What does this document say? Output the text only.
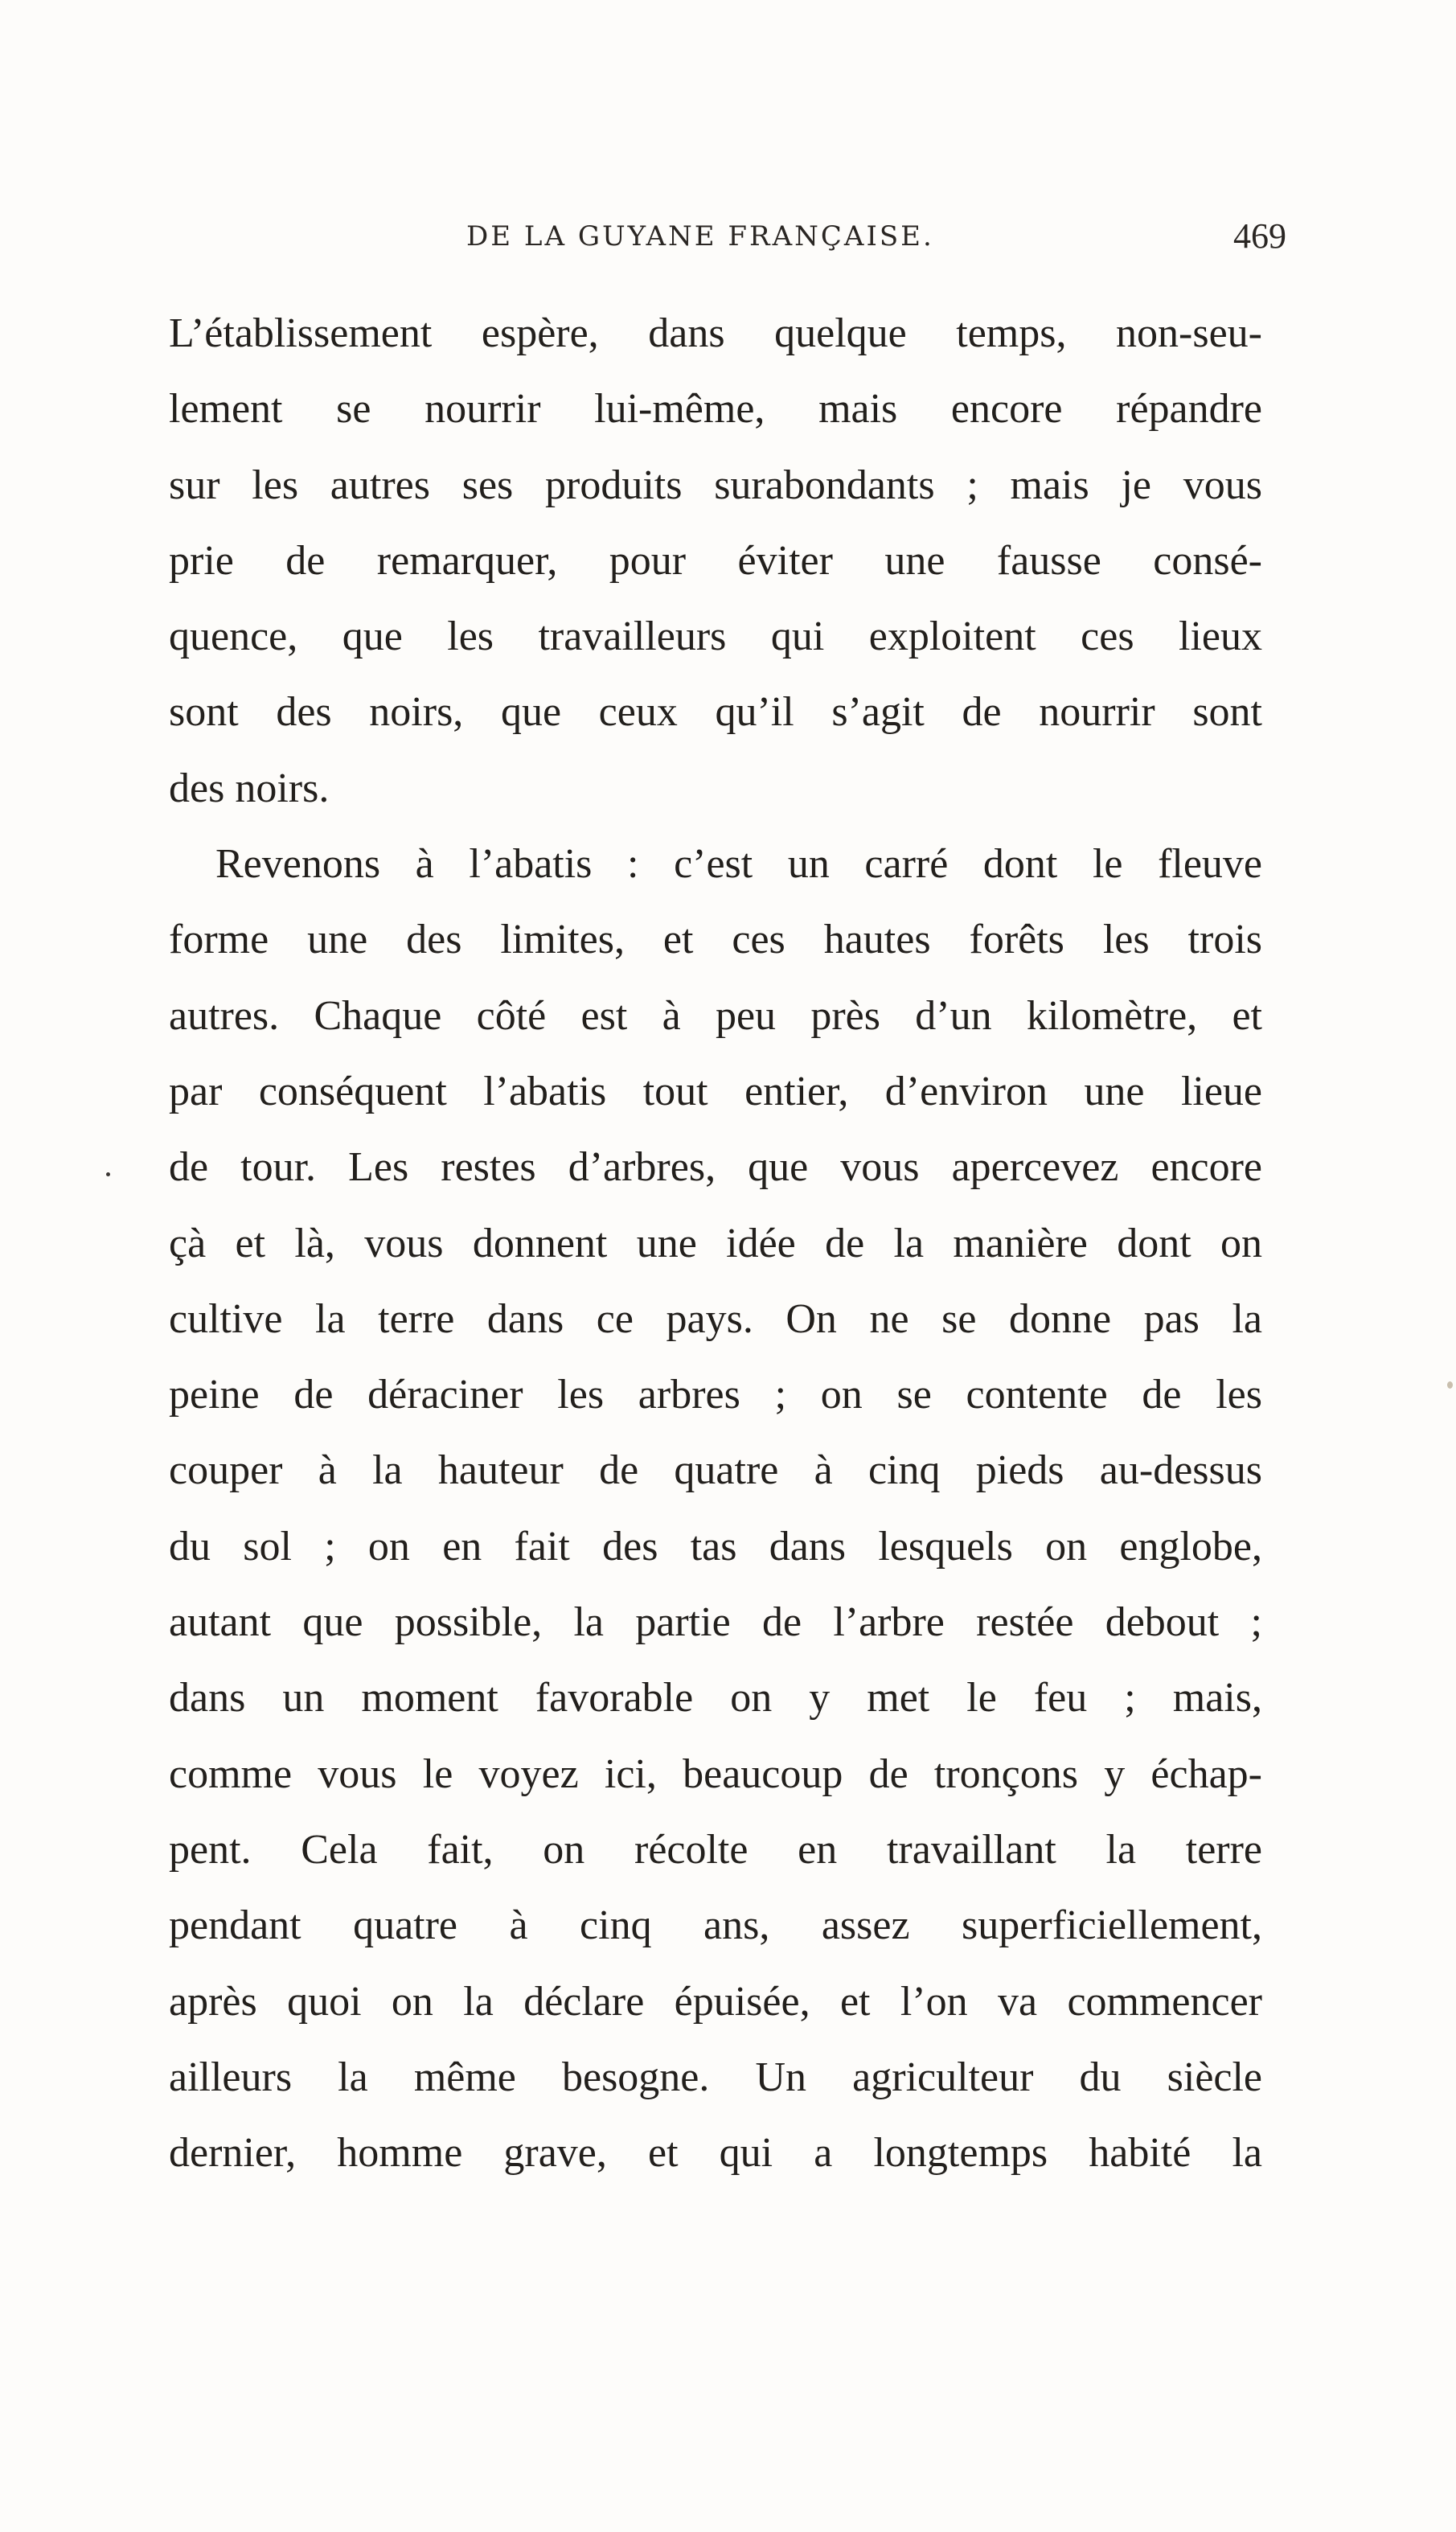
DE LA GUYANE FRANÇAISE.	469
L’établissement espère, dans quelque temps, non-seu-
lement se nourrir lui-même, mais encore répandre
sur les autres ses produits surabondants ; mais je vous
prie de remarquer, pour éviter une fausse consé-
quence, que les travailleurs qui exploitent ces lieux
sont des noirs, que ceux qu’il s’agit de nourrir sont
des noirs.
Revenons à l’abatis : c’est un carré dont le fleuve
forme une des limites, et ces hautes forêts les trois
autres. Chaque côté est à peu près d’un kilomètre, et
par conséquent l’abatis tout entier, d’environ une lieue
de tour. Les restes d’arbres, que vous apercevez encore
çà et là, vous donnent une idée de la manière dont on
cultive la terre dans ce pays. On ne se donne pas la
peine de déraciner les arbres ; on se contente de les
couper à la hauteur de quatre à cinq pieds au-dessus
du sol ; on en fait des tas dans lesquels on englobe,
autant que possible, la partie de l’arbre restée debout ;
dans un moment favorable on y met le feu ; mais,
comme vous le voyez ici, beaucoup de tronçons y échap-
pent. Cela fait, on récolte en travaillant la terre
pendant quatre à cinq ans, assez superficiellement,
après quoi on la déclare épuisée, et l’on va commencer
ailleurs la même besogne. Un agriculteur du siècle
dernier, homme grave, et qui a longtemps habité la
